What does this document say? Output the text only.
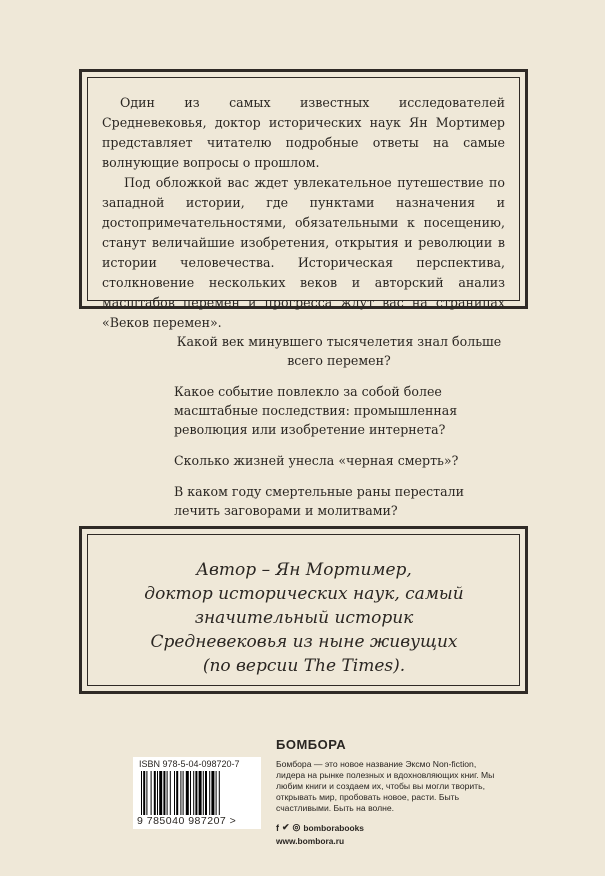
Один из самых известных исследователей Средневековья, доктор исторических наук Ян Мортимер представляет читателю подробные ответы на самые волнующие вопросы о прошлом.

Под обложкой вас ждет увлекательное путешествие по западной истории, где пунктами назначения и достопримечательностями, обязательными к посещению, станут величайшие изобретения, открытия и революции в истории человечества. Историческая перспектива, столкновение нескольких веков и авторский анализ масштабов перемен и прогресса ждут вас на страницах «Веков перемен».

Какой век минувшего тысячелетия знал больше всего перемен?

Какое событие повлекло за собой более масштабные последствия: промышленная революция или изобретение интернета?

Сколько жизней унесла «черная смерть»?

В каком году смертельные раны перестали лечить заговорами и молитвами?

Автор – Ян Мортимер,
доктор исторических наук, самый
значительный историк
Средневековья из ныне живущих
(по версии The Times).
ISBN 978-5-04-098720-7
9 785040 987207 >
БОМБОРА
Бомбора — это новое название Эксмо Non-fiction, лидера на рынке полезных и вдохновляющих книг. Мы любим книги и создаем их, чтобы вы могли творить, открывать мир, пробовать новое, расти. Быть счастливыми. Быть на волне.
f ✔ ◎ bomborabooks
www.bombora.ru
